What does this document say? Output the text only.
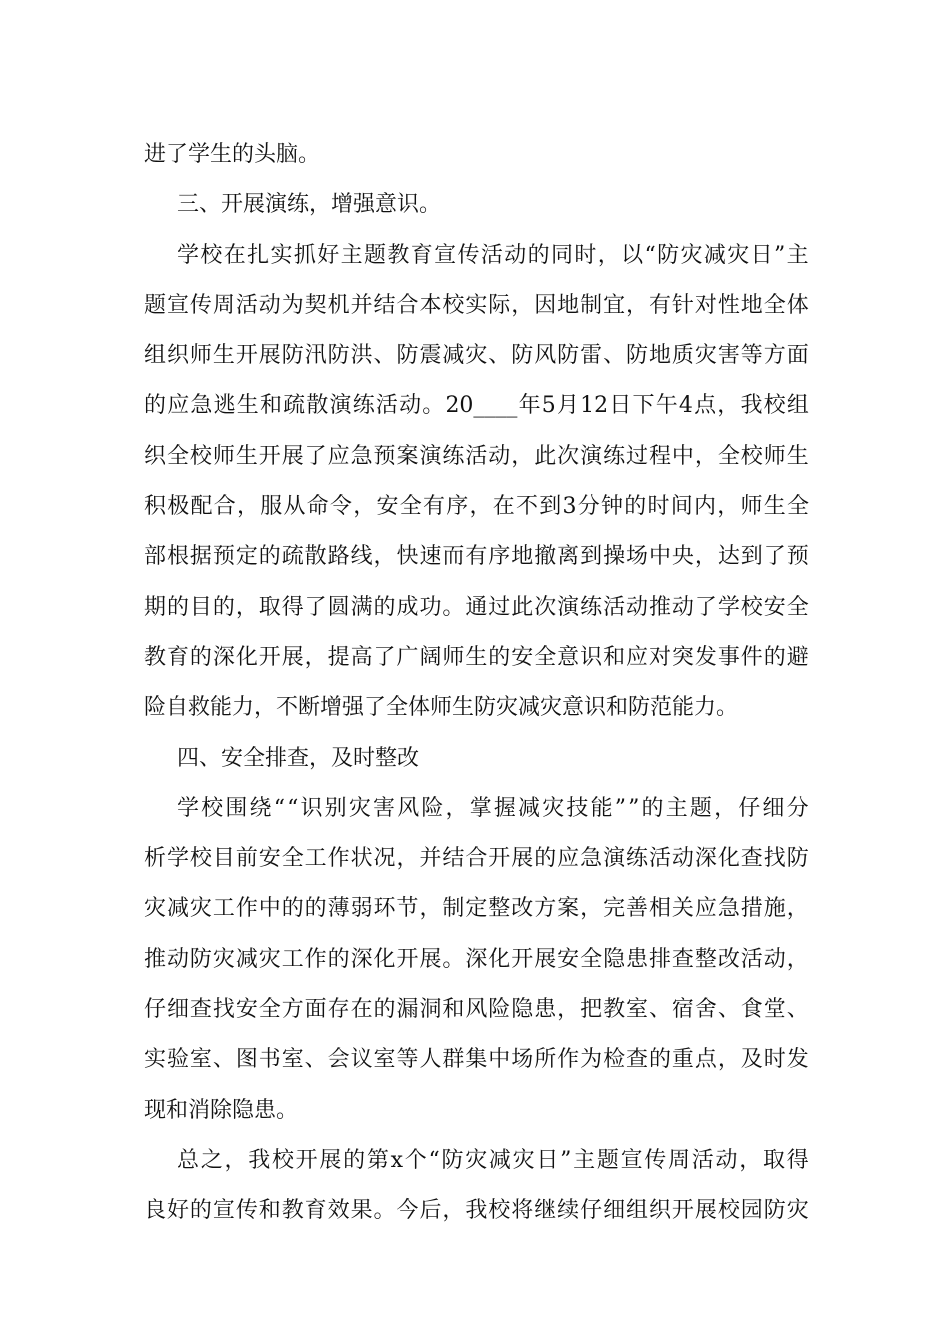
进了学生的头脑。
三、开展演练，增强意识。
学 校 在 扎 实 抓 好 主 题 教 育 宣 传 活 动 的 同 时 ， 以 “ 防 灾 减 灾 日 ” 主
题 宣 传 周 活 动 为 契 机 并 结 合 本 校 实 际 ， 因 地 制 宜 ， 有 针 对 性 地 全 体
组 织 师 生 开 展 防 汛 防 洪 、 防 震 减 灾 、 防 风 防 雷 、 防 地 质 灾 害 等 方 面
的 应 急 逃 生 和 疏 散 演 练 活 动 。 20____ 年 5 月 12 日 下 午 4 点 ， 我 校 组
织 全 校 师 生 开 展 了 应 急 预 案 演 练 活 动 ， 此 次 演 练 过 程 中 ， 全 校 师 生
积 极 配 合 ， 服 从 命 令 ， 安 全 有 序 ， 在 不 到 3 分 钟 的 时 间 内 ， 师 生 全
部 根 据 预 定 的 疏 散 路 线 ， 快 速 而 有 序 地 撤 离 到 操 场 中 央 ， 达 到 了 预
期 的 目 的 ， 取 得 了 圆 满 的 成 功 。 通 过 此 次 演 练 活 动 推 动 了 学 校 安 全
教 育 的 深 化 开 展 ， 提 高 了 广 阔 师 生 的 安 全 意 识 和 应 对 突 发 事 件 的 避
险自救能力，不断增强了全体师生防灾减灾意识和防范能力。
四、安全排查，及时整改
学 校 围 绕 “ “ 识 别 灾 害 风 险 ， 掌 握 减 灾 技 能 ” ” 的 主 题 ， 仔 细 分
析 学 校 目 前 安 全 工 作 状 况 ， 并 结 合 开 展 的 应 急 演 练 活 动 深 化 查 找 防
灾 减 灾 工 作 中 的 的 薄 弱 环 节 ， 制 定 整 改 方 案 ， 完 善 相 关 应 急 措 施 ，
推 动 防 灾 减 灾 工 作 的 深 化 开 展 。 深 化 开 展 安 全 隐 患 排 查 整 改 活 动 ，
仔 细 查 找 安 全 方 面 存 在 的 漏 洞 和 风 险 隐 患 ， 把 教 室 、 宿 舍 、 食 堂 、
实 验 室 、 图 书 室 、 会 议 室 等 人 群 集 中 场 所 作 为 检 查 的 重 点 ， 及 时 发
现和消除隐患。
总 之 ， 我 校 开 展 的 第 x 个 “ 防 灾 减 灾 日 ” 主 题 宣 传 周 活 动 ， 取 得
良 好 的 宣 传 和 教 育 效 果 。 今 后 ， 我 校 将 继 续 仔 细 组 织 开 展 校 园 防 灾
